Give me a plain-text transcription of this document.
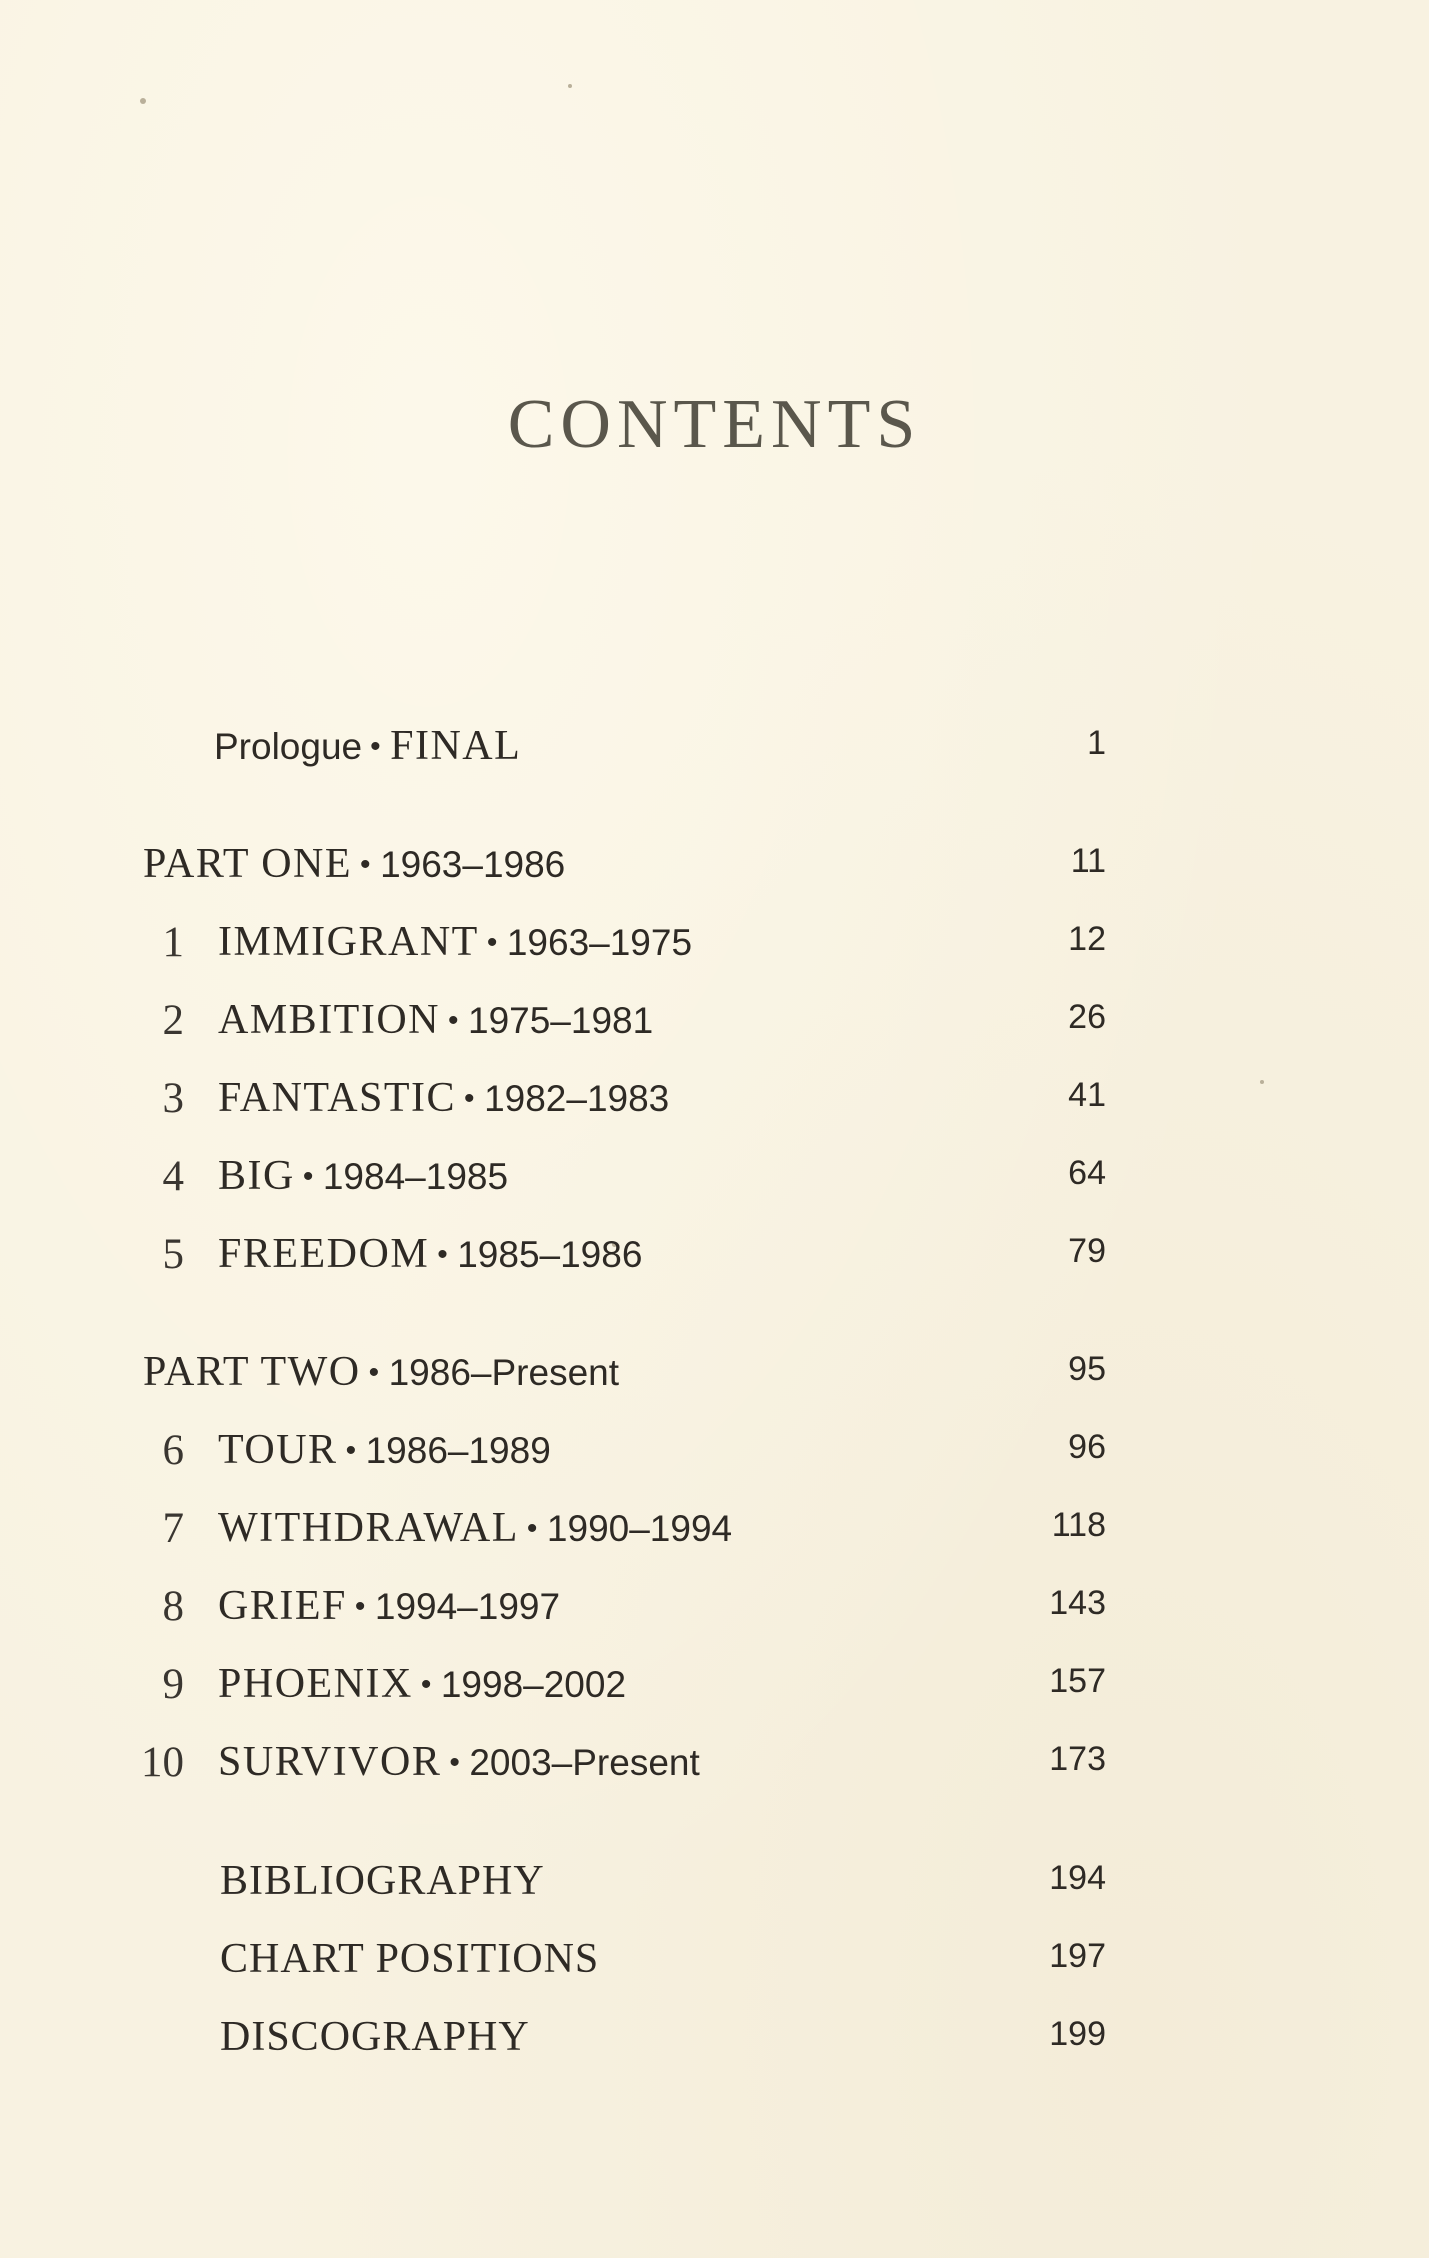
CONTENTS
Prologue • FINAL	1
PART ONE • 1963–1986	11
1 IMMIGRANT • 1963–1975	12
2 AMBITION • 1975–1981	26
3 FANTASTIC • 1982–1983	41
4 BIG • 1984–1985	64
5 FREEDOM • 1985–1986	79
PART TWO • 1986–Present	95
6 TOUR • 1986–1989	96
7 WITHDRAWAL • 1990–1994	118
8 GRIEF • 1994–1997	143
9 PHOENIX • 1998–2002	157
10 SURVIVOR • 2003–Present	173
BIBLIOGRAPHY	194
CHART POSITIONS	197
DISCOGRAPHY	199
